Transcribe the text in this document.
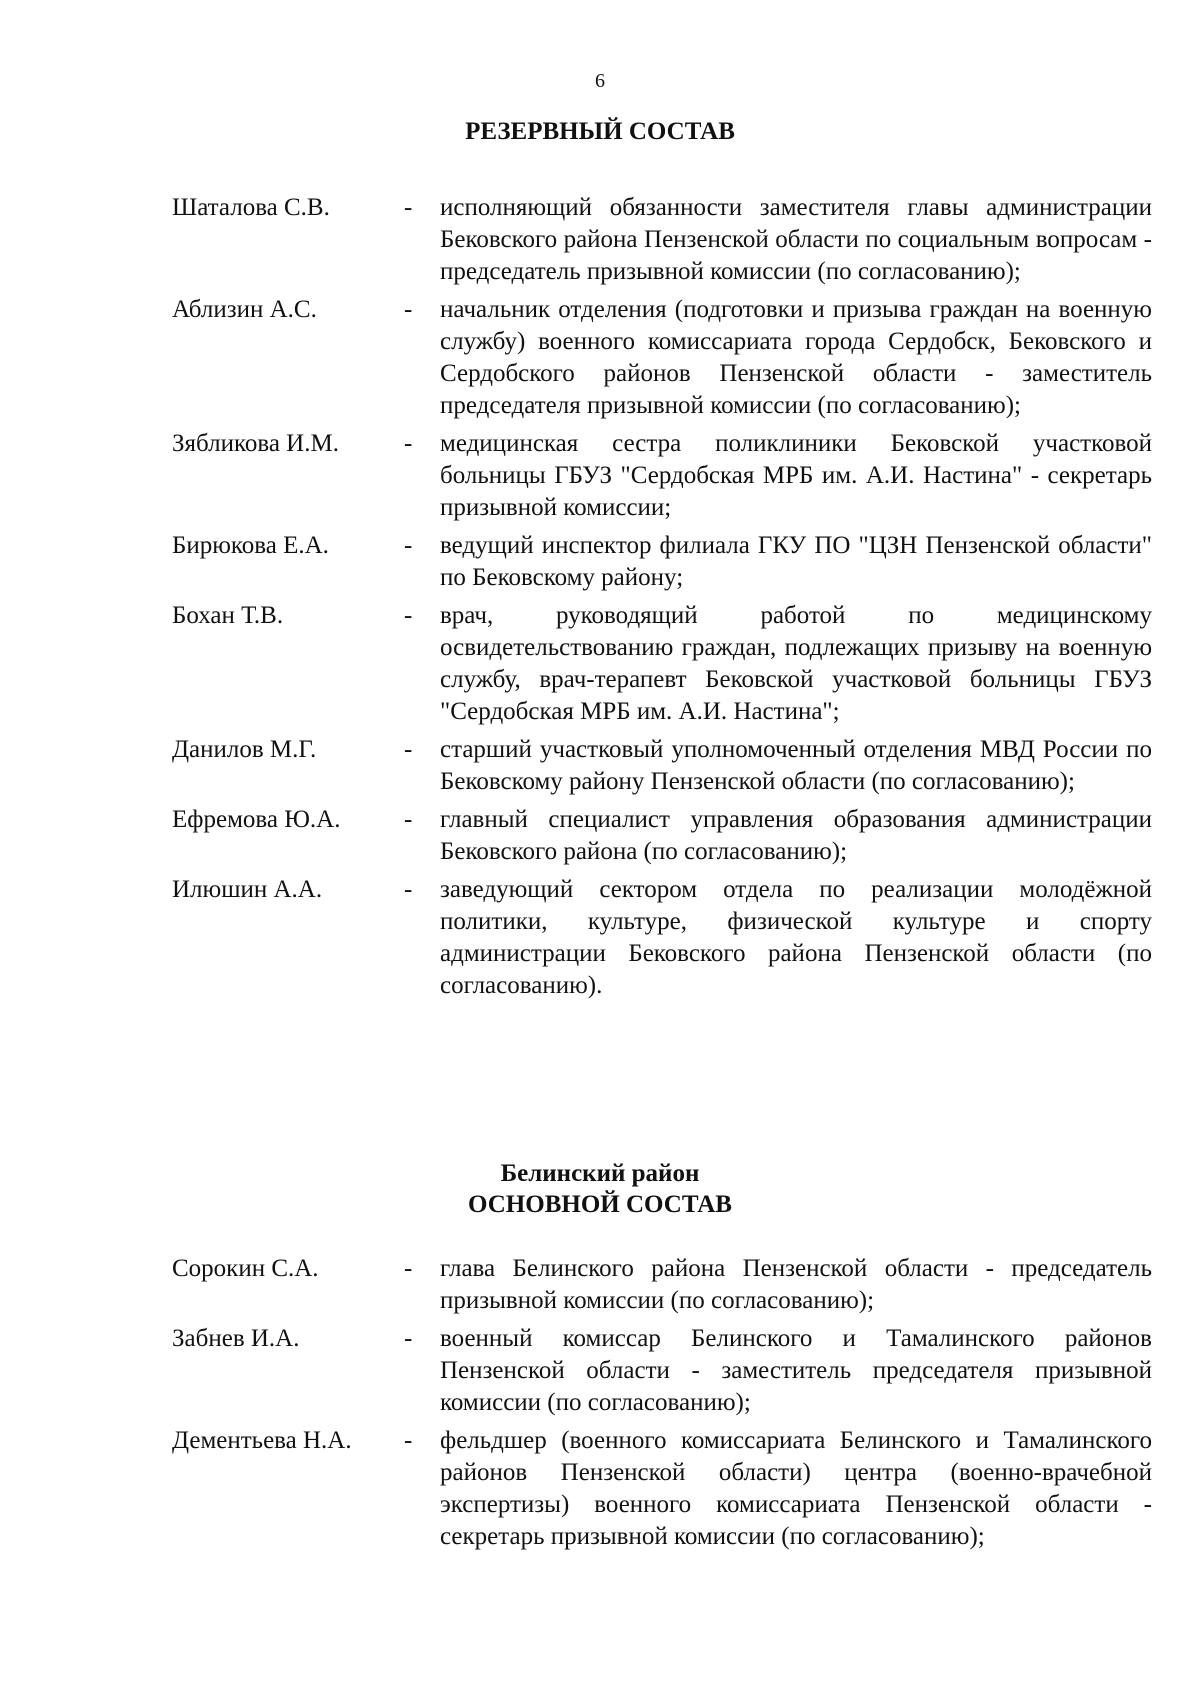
6
РЕЗЕРВНЫЙ СОСТАВ
Шаталова С.В.	-	исполняющий обязанности заместителя главы администрации Бековского района Пензенской области по социальным вопросам - председатель призывной комиссии (по согласованию);
Аблизин А.С.	-	начальник отделения (подготовки и призыва граждан на военную службу) военного комиссариата города Сердобск, Бековского и Сердобского районов Пензенской области - заместитель председателя призывной комиссии (по согласованию);
Зябликова И.М.	-	медицинская сестра поликлиники Бековской участковой больницы ГБУЗ "Сердобская МРБ им. А.И. Настина" - секретарь призывной комиссии;
Бирюкова Е.А.	-	ведущий инспектор филиала ГКУ ПО "ЦЗН Пензенской области" по Бековскому району;
Бохан Т.В.	-	врач, руководящий работой по медицинскому освидетельствованию граждан, подлежащих призыву на военную службу, врач-терапевт Бековской участковой больницы ГБУЗ "Сердобская МРБ им. А.И. Настина";
Данилов М.Г.	-	старший участковый уполномоченный отделения МВД России по Бековскому району Пензенской области (по согласованию);
Ефремова Ю.А.	-	главный специалист управления образования администрации Бековского района (по согласованию);
Илюшин А.А.	-	заведующий сектором отдела по реализации молодёжной политики, культуре, физической культуре и спорту администрации Бековского района Пензенской области (по согласованию).
Белинский район
ОСНОВНОЙ СОСТАВ
Сорокин С.А.	-	глава Белинского района Пензенской области - председатель призывной комиссии (по согласованию);
Забнев И.А.	-	военный комиссар Белинского и Тамалинского районов Пензенской области - заместитель председателя призывной комиссии (по согласованию);
Дементьева Н.А.	-	фельдшер (военного комиссариата Белинского и Тамалинского районов Пензенской области) центра (военно-врачебной экспертизы) военного комиссариата Пензенской области - секретарь призывной комиссии (по согласованию);
